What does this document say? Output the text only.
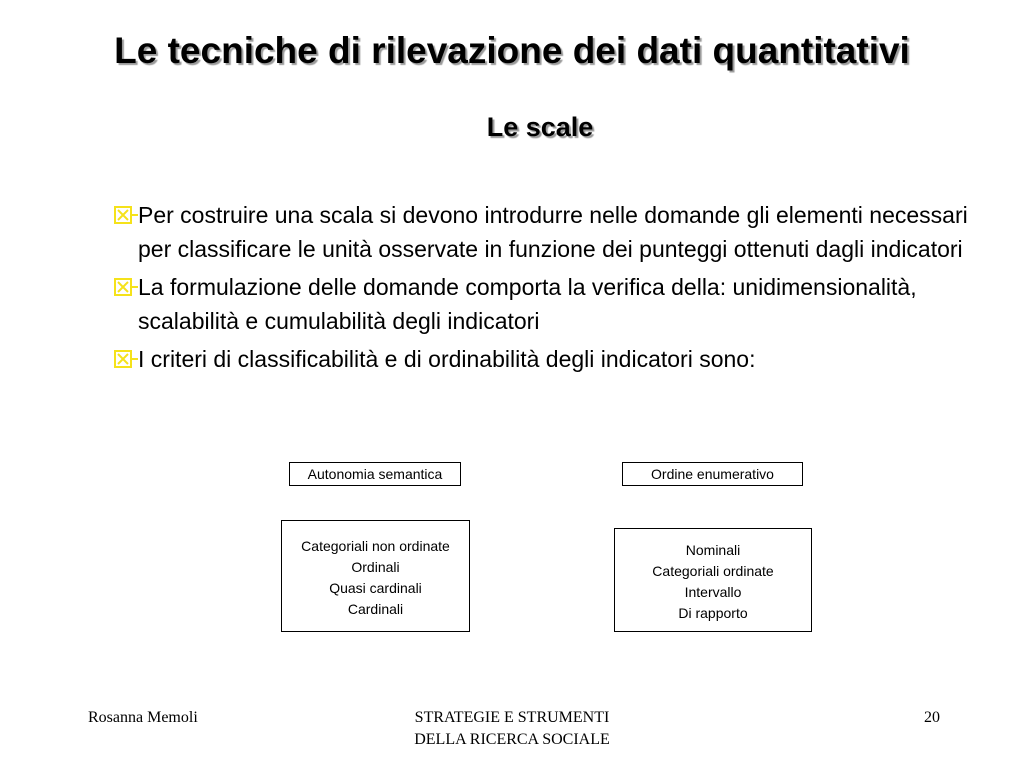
Le tecniche di rilevazione dei dati quantitativi
Le scale
Per costruire una scala si devono introdurre nelle domande gli elementi necessari per classificare le unità osservate in funzione dei punteggi ottenuti dagli indicatori
La formulazione delle domande comporta la verifica della: unidimensionalità, scalabilità e cumulabilità degli indicatori
I criteri di classificabilità e di ordinabilità degli indicatori sono:
Autonomia semantica	Ordine enumerativo
Categoriali non ordinate
Ordinali
Quasi cardinali
Cardinali
Nominali
Categoriali ordinate
Intervallo
Di rapporto
Rosanna Memoli	STRATEGIE E STRUMENTI
DELLA RICERCA SOCIALE
20
